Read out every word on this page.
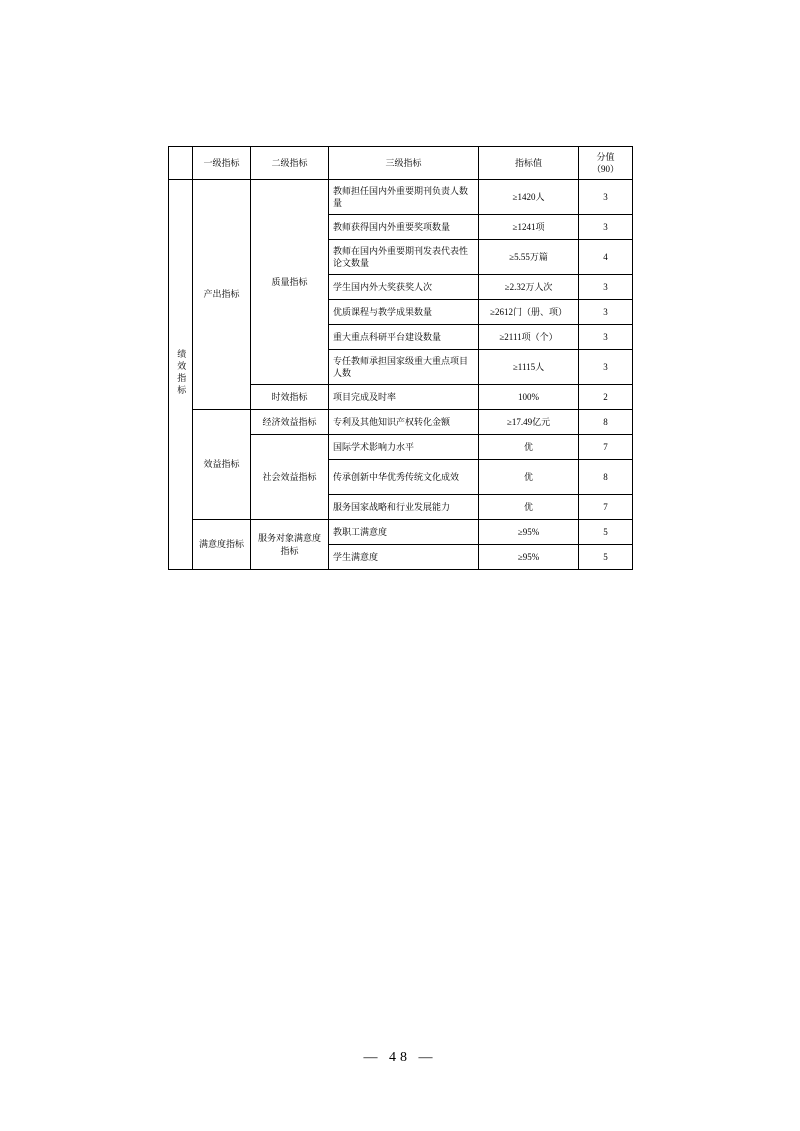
	一级指标	二级指标	三级指标	指标值	分值
（90）

绩效指标	产出指标	质量指标	教师担任国内外重要期刊负责人数量	≥1420人	3
			教师获得国内外重要奖项数量	≥1241项	3
			教师在国内外重要期刊发表代表性论文数量	≥5.55万篇	4
			学生国内外大奖获奖人次	≥2.32万人次	3
			优质课程与教学成果数量	≥2612门（册、项）	3
			重大重点科研平台建设数量	≥2111项（个）	3
			专任教师承担国家级重大重点项目人数	≥1115人	3
		时效指标	项目完成及时率	100%	2
	效益指标	经济效益指标	专利及其他知识产权转化金额	≥17.49亿元	8
		社会效益指标	国际学术影响力水平	优	7
			传承创新中华优秀传统文化成效	优	8
			服务国家战略和行业发展能力	优	7
	满意度指标	服务对象满意度指标	教职工满意度	≥95%	5
			学生满意度	≥95%	5
— 48 —
